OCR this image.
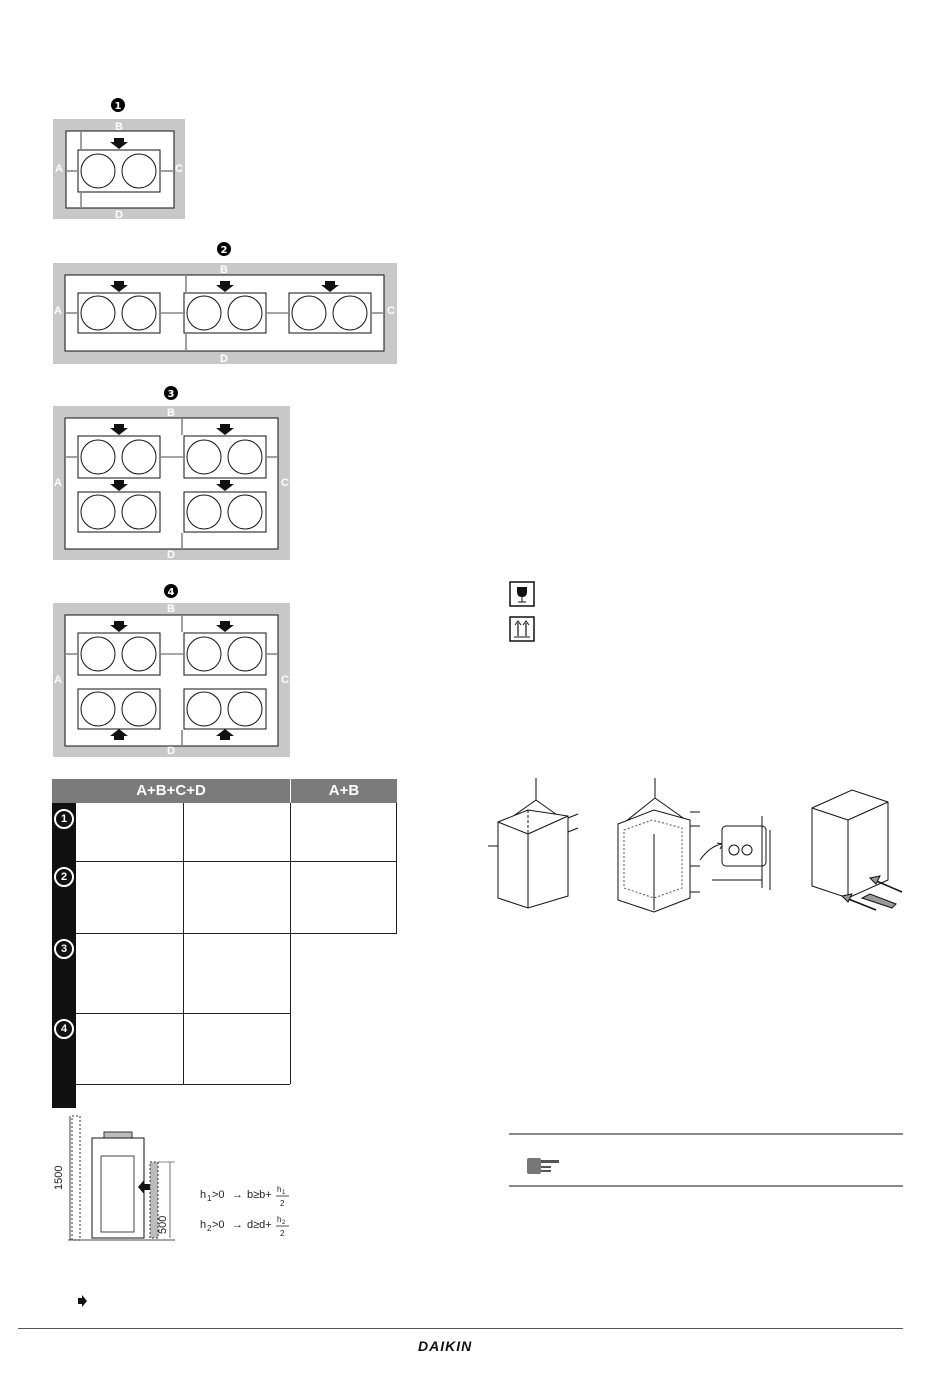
1
B
A	C
D
2
B
A	C
D
3
B
A	C
D
4
B
A	C
D
A+B+C+D	A+B
1
2
3
4
1500
500
h 1 >0 → b≥b+ h 1
2
h 2 >0 → d≥d+ h 2
2
DAIKIN
